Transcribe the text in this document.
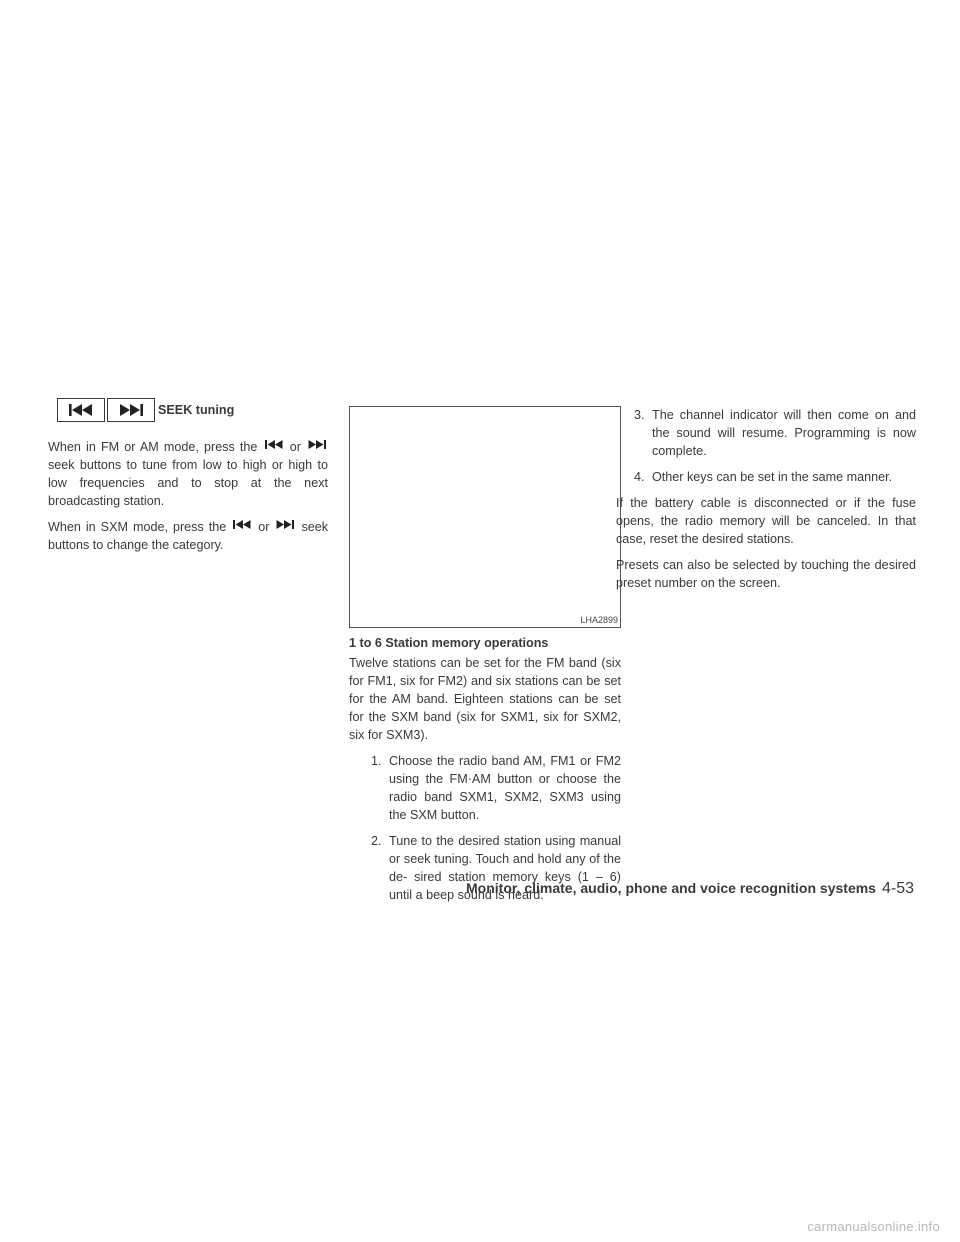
SEEK tuning

When in FM or AM mode, press the	or
seek buttons to tune from low to high or high to low frequencies and to stop at the next broadcasting station.

When in SXM mode, press the	or	seek buttons to change the category.

LHA2899
1 to 6 Station memory operations

Twelve stations can be set for the FM band (six for FM1, six for FM2) and six stations can be set for the AM band. Eighteen stations can be set for the SXM band (six for SXM1, six for SXM2, six for SXM3).

1. Choose the radio band AM, FM1 or FM2 using the FM·AM button or choose the radio band SXM1, SXM2, SXM3 using the SXM button.
2. Tune to the desired station using manual or seek tuning. Touch and hold any of the de- sired station memory keys (1 – 6) until a beep sound is heard.
3. The channel indicator will then come on and the sound will resume. Programming is now complete.
4. Other keys can be set in the same manner.

If the battery cable is disconnected or if the fuse opens, the radio memory will be canceled. In that case, reset the desired stations.

Presets can also be selected by touching the desired preset number on the screen.

Monitor, climate, audio, phone and voice recognition systems 4-53
carmanualsonline.info
